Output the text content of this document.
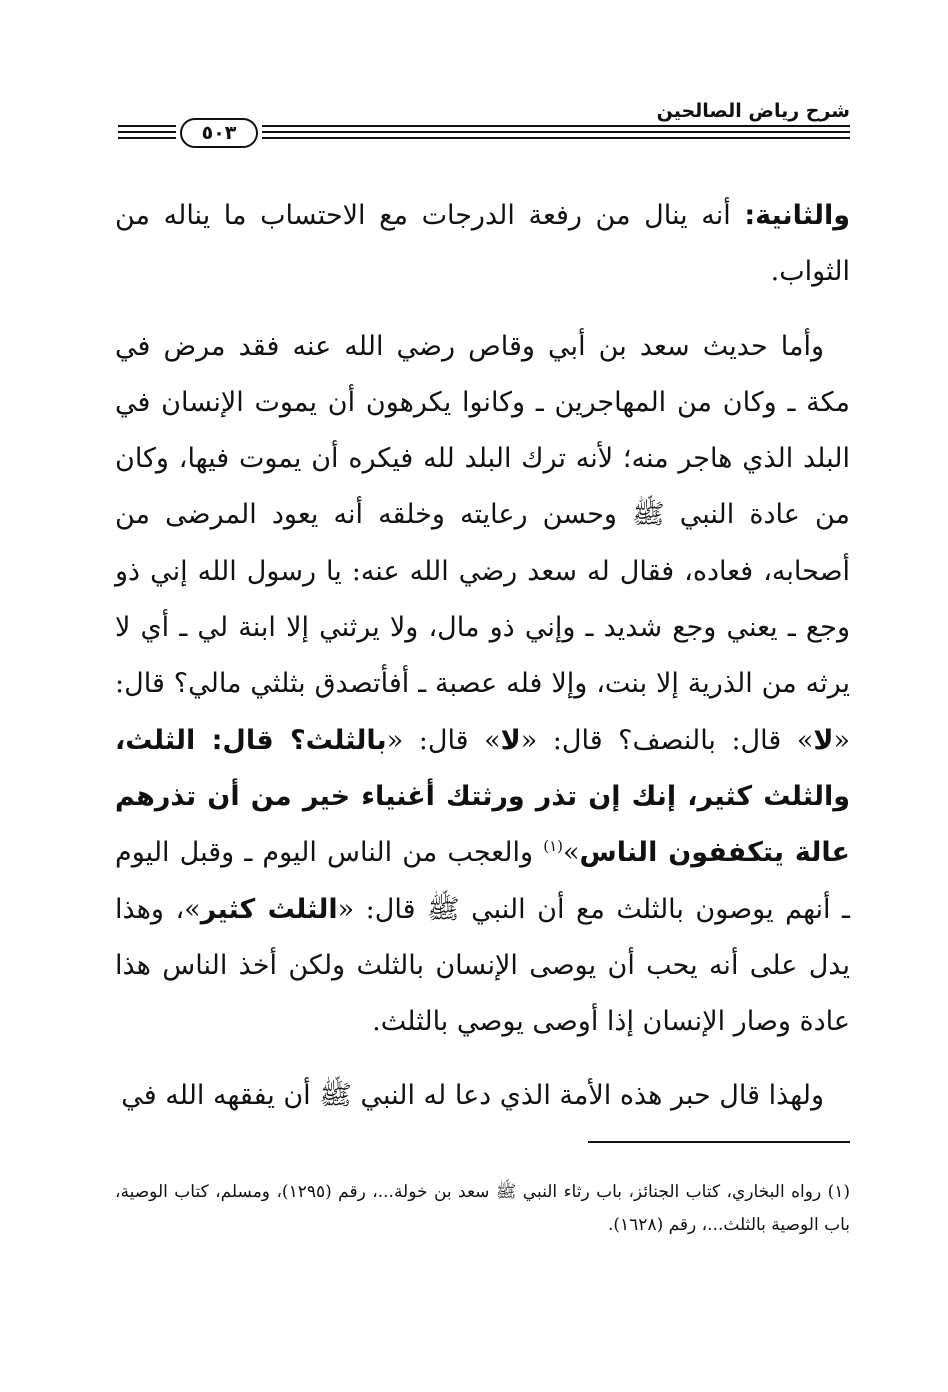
شرح رياض الصالحين
٥٠٣

والثانية: أنه ينال من رفعة الدرجات مع الاحتساب ما يناله من الثواب.

وأما حديث سعد بن أبي وقاص رضي الله عنه فقد مرض في مكة ـ وكان من المهاجرين ـ وكانوا يكرهون أن يموت الإنسان في البلد الذي هاجر منه؛ لأنه ترك البلد لله فيكره أن يموت فيها، وكان من عادة النبي ﷺ وحسن رعايته وخلقه أنه يعود المرضى من أصحابه، فعاده، فقال له سعد رضي الله عنه: يا رسول الله إني ذو وجع ـ يعني وجع شديد ـ وإني ذو مال، ولا يرثني إلا ابنة لي ـ أي لا يرثه من الذرية إلا بنت، وإلا فله عصبة ـ أفأتصدق بثلثي مالي؟ قال: «لا» قال: بالنصف؟ قال: «لا» قال: «بالثلث؟ قال: الثلث، والثلث كثير، إنك إن تذر ورثتك أغنياء خير من أن تذرهم عالة يتكففون الناس»$^{(١)}$ والعجب من الناس اليوم ـ وقبل اليوم ـ أنهم يوصون بالثلث مع أن النبي ﷺ قال: «الثلث كثير»، وهذا يدل على أنه يحب أن يوصى الإنسان بالثلث ولكن أخذ الناس هذا عادة وصار الإنسان إذا أوصى يوصي بالثلث.

ولهذا قال حبر هذه الأمة الذي دعا له النبي ﷺ أن يفقهه الله في

(١) رواه البخاري، كتاب الجنائز، باب رثاء النبي ﷺ سعد بن خولة...، رقم (١٢٩٥)، ومسلم، كتاب الوصية، باب الوصية بالثلث...، رقم (١٦٢٨).
